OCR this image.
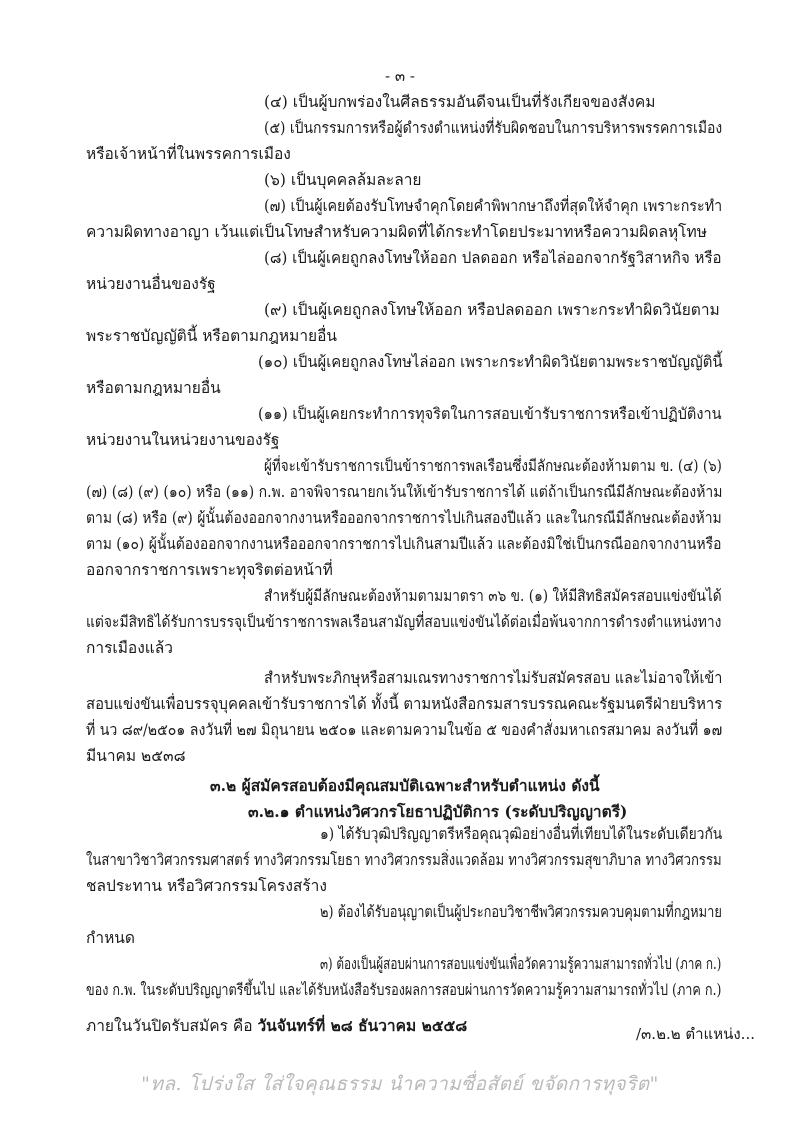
- ๓ -
(๔) เป็นผู้บกพร่องในศีลธรรมอันดีจนเป็นที่รังเกียจของสังคม
(๕) เป็นกรรมการหรือผู้ดำรงตำแหน่งที่รับผิดชอบในการบริหารพรรคการเมือง
หรือเจ้าหน้าที่ในพรรคการเมือง
(๖) เป็นบุคคลล้มละลาย
(๗) เป็นผู้เคยต้องรับโทษจำคุกโดยคำพิพากษาถึงที่สุดให้จำคุก เพราะกระทำ
ความผิดทางอาญา เว้นแต่เป็นโทษสำหรับความผิดที่ได้กระทำโดยประมาทหรือความผิดลหุโทษ
(๘) เป็นผู้เคยถูกลงโทษให้ออก ปลดออก หรือไล่ออกจากรัฐวิสาหกิจ หรือ
หน่วยงานอื่นของรัฐ
(๙) เป็นผู้เคยถูกลงโทษให้ออก หรือปลดออก เพราะกระทำผิดวินัยตาม
พระราชบัญญัตินี้ หรือตามกฎหมายอื่น
(๑๐) เป็นผู้เคยถูกลงโทษไล่ออก เพราะกระทำผิดวินัยตามพระราชบัญญัตินี้
หรือตามกฎหมายอื่น
(๑๑) เป็นผู้เคยกระทำการทุจริตในการสอบเข้ารับราชการหรือเข้าปฏิบัติงาน
หน่วยงานในหน่วยงานของรัฐ
ผู้ที่จะเข้ารับราชการเป็นข้าราชการพลเรือนซึ่งมีลักษณะต้องห้ามตาม ข. (๔) (๖)
(๗) (๘) (๙) (๑๐) หรือ (๑๑) ก.พ. อาจพิจารณายกเว้นให้เข้ารับราชการได้ แต่ถ้าเป็นกรณีมีลักษณะต้องห้าม
ตาม (๘) หรือ (๙) ผู้นั้นต้องออกจากงานหรือออกจากราชการไปเกินสองปีแล้ว และในกรณีมีลักษณะต้องห้าม
ตาม (๑๐) ผู้นั้นต้องออกจากงานหรือออกจากราชการไปเกินสามปีแล้ว และต้องมิใช่เป็นกรณีออกจากงานหรือ
ออกจากราชการเพราะทุจริตต่อหน้าที่
สำหรับผู้มีลักษณะต้องห้ามตามมาตรา ๓๖ ข. (๑) ให้มีสิทธิสมัครสอบแข่งขันได้
แต่จะมีสิทธิได้รับการบรรจุเป็นข้าราชการพลเรือนสามัญที่สอบแข่งขันได้ต่อเมื่อพ้นจากการดำรงตำแหน่งทาง
การเมืองแล้ว
สำหรับพระภิกษุหรือสามเณรทางราชการไม่รับสมัครสอบ และไม่อาจให้เข้า
สอบแข่งขันเพื่อบรรจุบุคคลเข้ารับราชการได้ ทั้งนี้ ตามหนังสือกรมสารบรรณคณะรัฐมนตรีฝ่ายบริหาร
ที่ นว ๘๙/๒๕๐๑ ลงวันที่ ๒๗ มิถุนายน ๒๕๐๑ และตามความในข้อ ๕ ของคำสั่งมหาเถรสมาคม ลงวันที่ ๑๗
มีนาคม ๒๕๓๘
๓.๒ ผู้สมัครสอบต้องมีคุณสมบัติเฉพาะสำหรับตำแหน่ง ดังนี้
๓.๒.๑ ตำแหน่งวิศวกรโยธาปฏิบัติการ (ระดับปริญญาตรี)
๑) ได้รับวุฒิปริญญาตรีหรือคุณวุฒิอย่างอื่นที่เทียบได้ในระดับเดียวกัน
ในสาขาวิชาวิศวกรรมศาสตร์ ทางวิศวกรรมโยธา ทางวิศวกรรมสิ่งแวดล้อม ทางวิศวกรรมสุขาภิบาล ทางวิศวกรรม
ชลประทาน หรือวิศวกรรมโครงสร้าง
๒) ต้องได้รับอนุญาตเป็นผู้ประกอบวิชาชีพวิศวกรรมควบคุมตามที่กฎหมาย
กำหนด
๓) ต้องเป็นผู้สอบผ่านการสอบแข่งขันเพื่อวัดความรู้ความสามารถทั่วไป (ภาค ก.)
ของ ก.พ. ในระดับปริญญาตรีขึ้นไป และได้รับหนังสือรับรองผลการสอบผ่านการวัดความรู้ความสามารถทั่วไป (ภาค ก.)
ภายในวันปิดรับสมัคร คือ วันจันทร์ที่ ๒๘ ธันวาคม ๒๕๕๘	/๓.๒.๒ ตำแหน่ง...
"ทล. โปร่งใส ใส่ใจคุณธรรม นำความซื่อสัตย์ ขจัดการทุจริต"
